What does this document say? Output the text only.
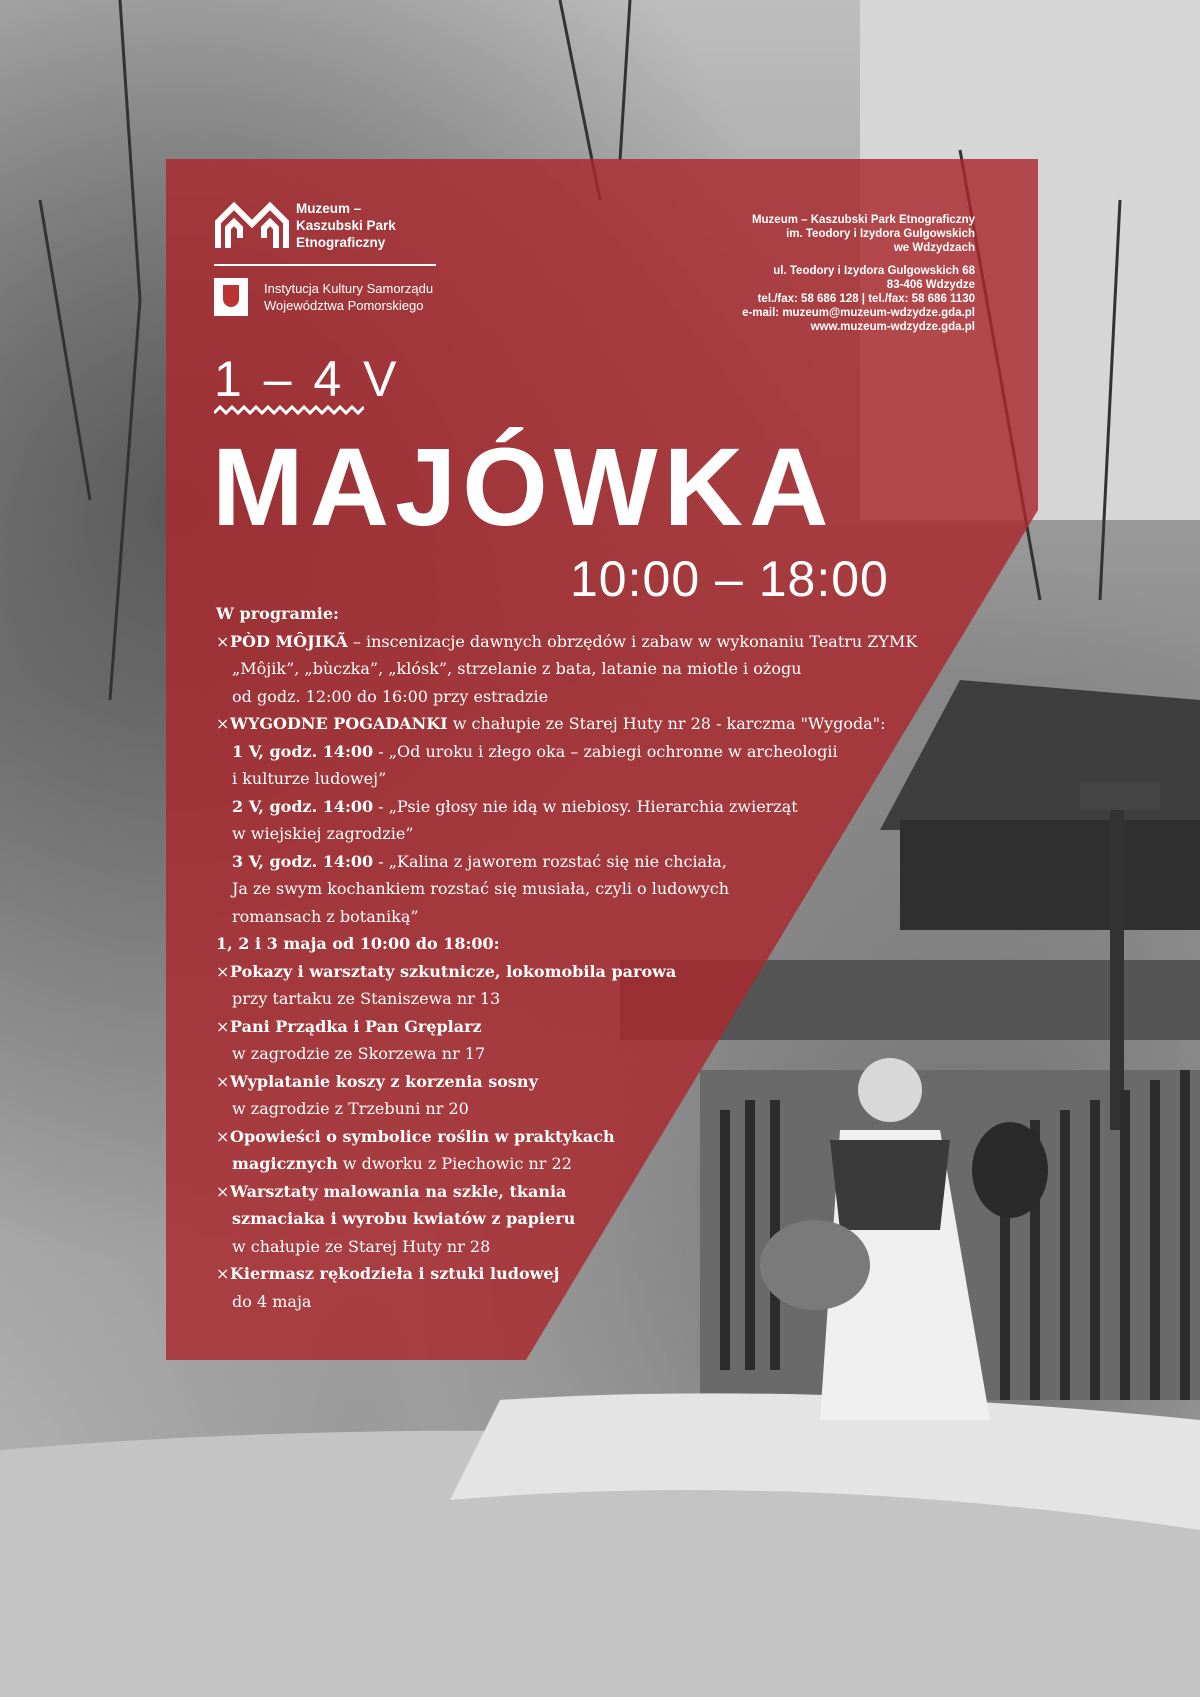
Muzeum –
Kaszubski Park
Etnograficzny
Instytucja Kultury Samorządu
Województwa Pomorskiego
Muzeum – Kaszubski Park Etnograficzny
im. Teodory i Izydora Gulgowskich
we Wdzydzach
ul. Teodory i Izydora Gulgowskich 68
83-406 Wdzydze
tel./fax: 58 686 128 | tel./fax: 58 686 1130
e-mail: muzeum@muzeum-wdzydze.gda.pl
www.muzeum-wdzydze.gda.pl
1 – 4 V
MAJÓWKA
10:00 – 18:00
W programie:
× PÒD MÔJIKÃ – inscenizacje dawnych obrzędów i zabaw w wykonaniu Teatru ZYMK
„Môjik”, „bùczka”, „klósk”, strzelanie z bata, latanie na miotle i ożogu
od godz. 12:00 do 16:00 przy estradzie
× WYGODNE POGADANKI w chałupie ze Starej Huty nr 28 - karczma "Wygoda":
1 V, godz. 14:00 - „Od uroku i złego oka – zabiegi ochronne w archeologii
i kulturze ludowej”
2 V, godz. 14:00 - „Psie głosy nie idą w niebiosy. Hierarchia zwierząt
w wiejskiej zagrodzie”
3 V, godz. 14:00 - „Kalina z jaworem rozstać się nie chciała,
Ja ze swym kochankiem rozstać się musiała, czyli o ludowych
romansach z botaniką”
1, 2 i 3 maja od 10:00 do 18:00:
× Pokazy i warsztaty szkutnicze, lokomobila parowa
przy tartaku ze Staniszewa nr 13
× Pani Prządka i Pan Gręplarz
w zagrodzie ze Skorzewa nr 17
× Wyplatanie koszy z korzenia sosny
w zagrodzie z Trzebuni nr 20
× Opowieści o symbolice roślin w praktykach
magicznych w dworku z Piechowic nr 22
× Warsztaty malowania na szkle, tkania
szmaciaka i wyrobu kwiatów z papieru
w chałupie ze Starej Huty nr 28
× Kiermasz rękodzieła i sztuki ludowej
do 4 maja
